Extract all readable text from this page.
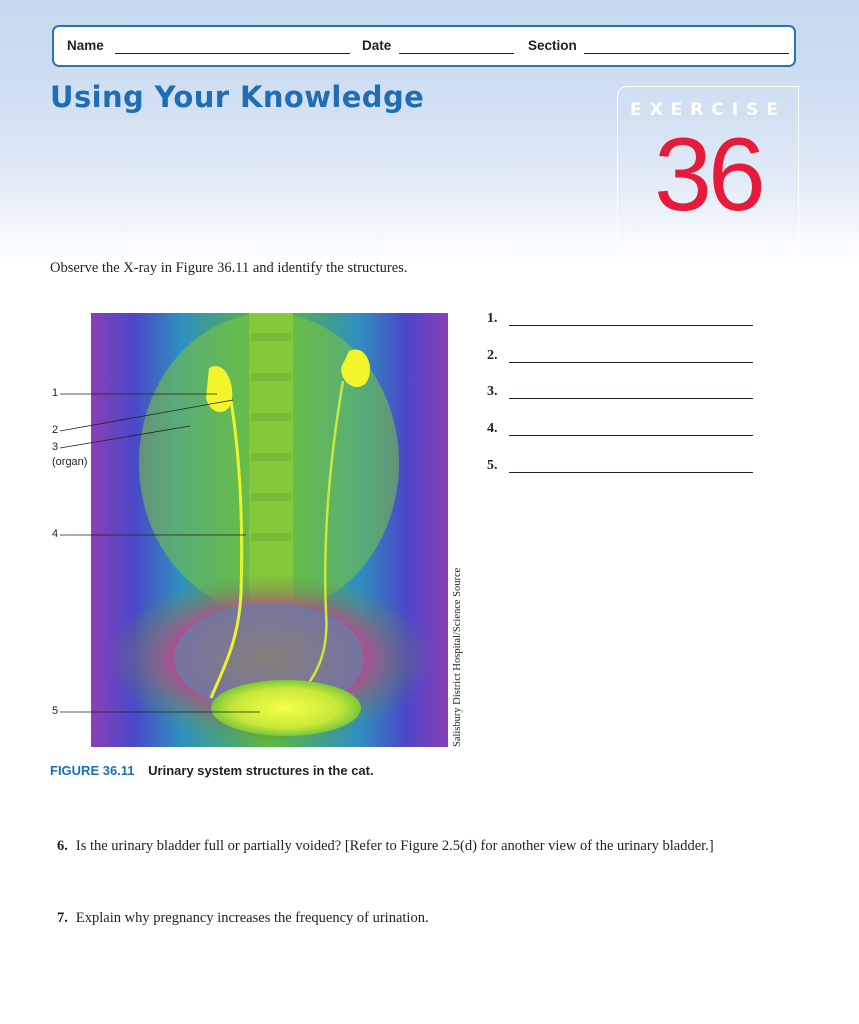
Name	Date	Section
Using Your Knowledge	EXERCISE
36

Observe the X-ray in Figure 36.11 and identify the structures.

1
2
3
(organ)
4
5	Salisbury District Hospital/Science Source
1.
2.
3.
4.
5.
FIGURE 36.11 Urinary system structures in the cat.
6. Is the urinary bladder full or partially voided? [Refer to Figure 2.5(d) for another view of the urinary bladder.]
7. Explain why pregnancy increases the frequency of urination.
